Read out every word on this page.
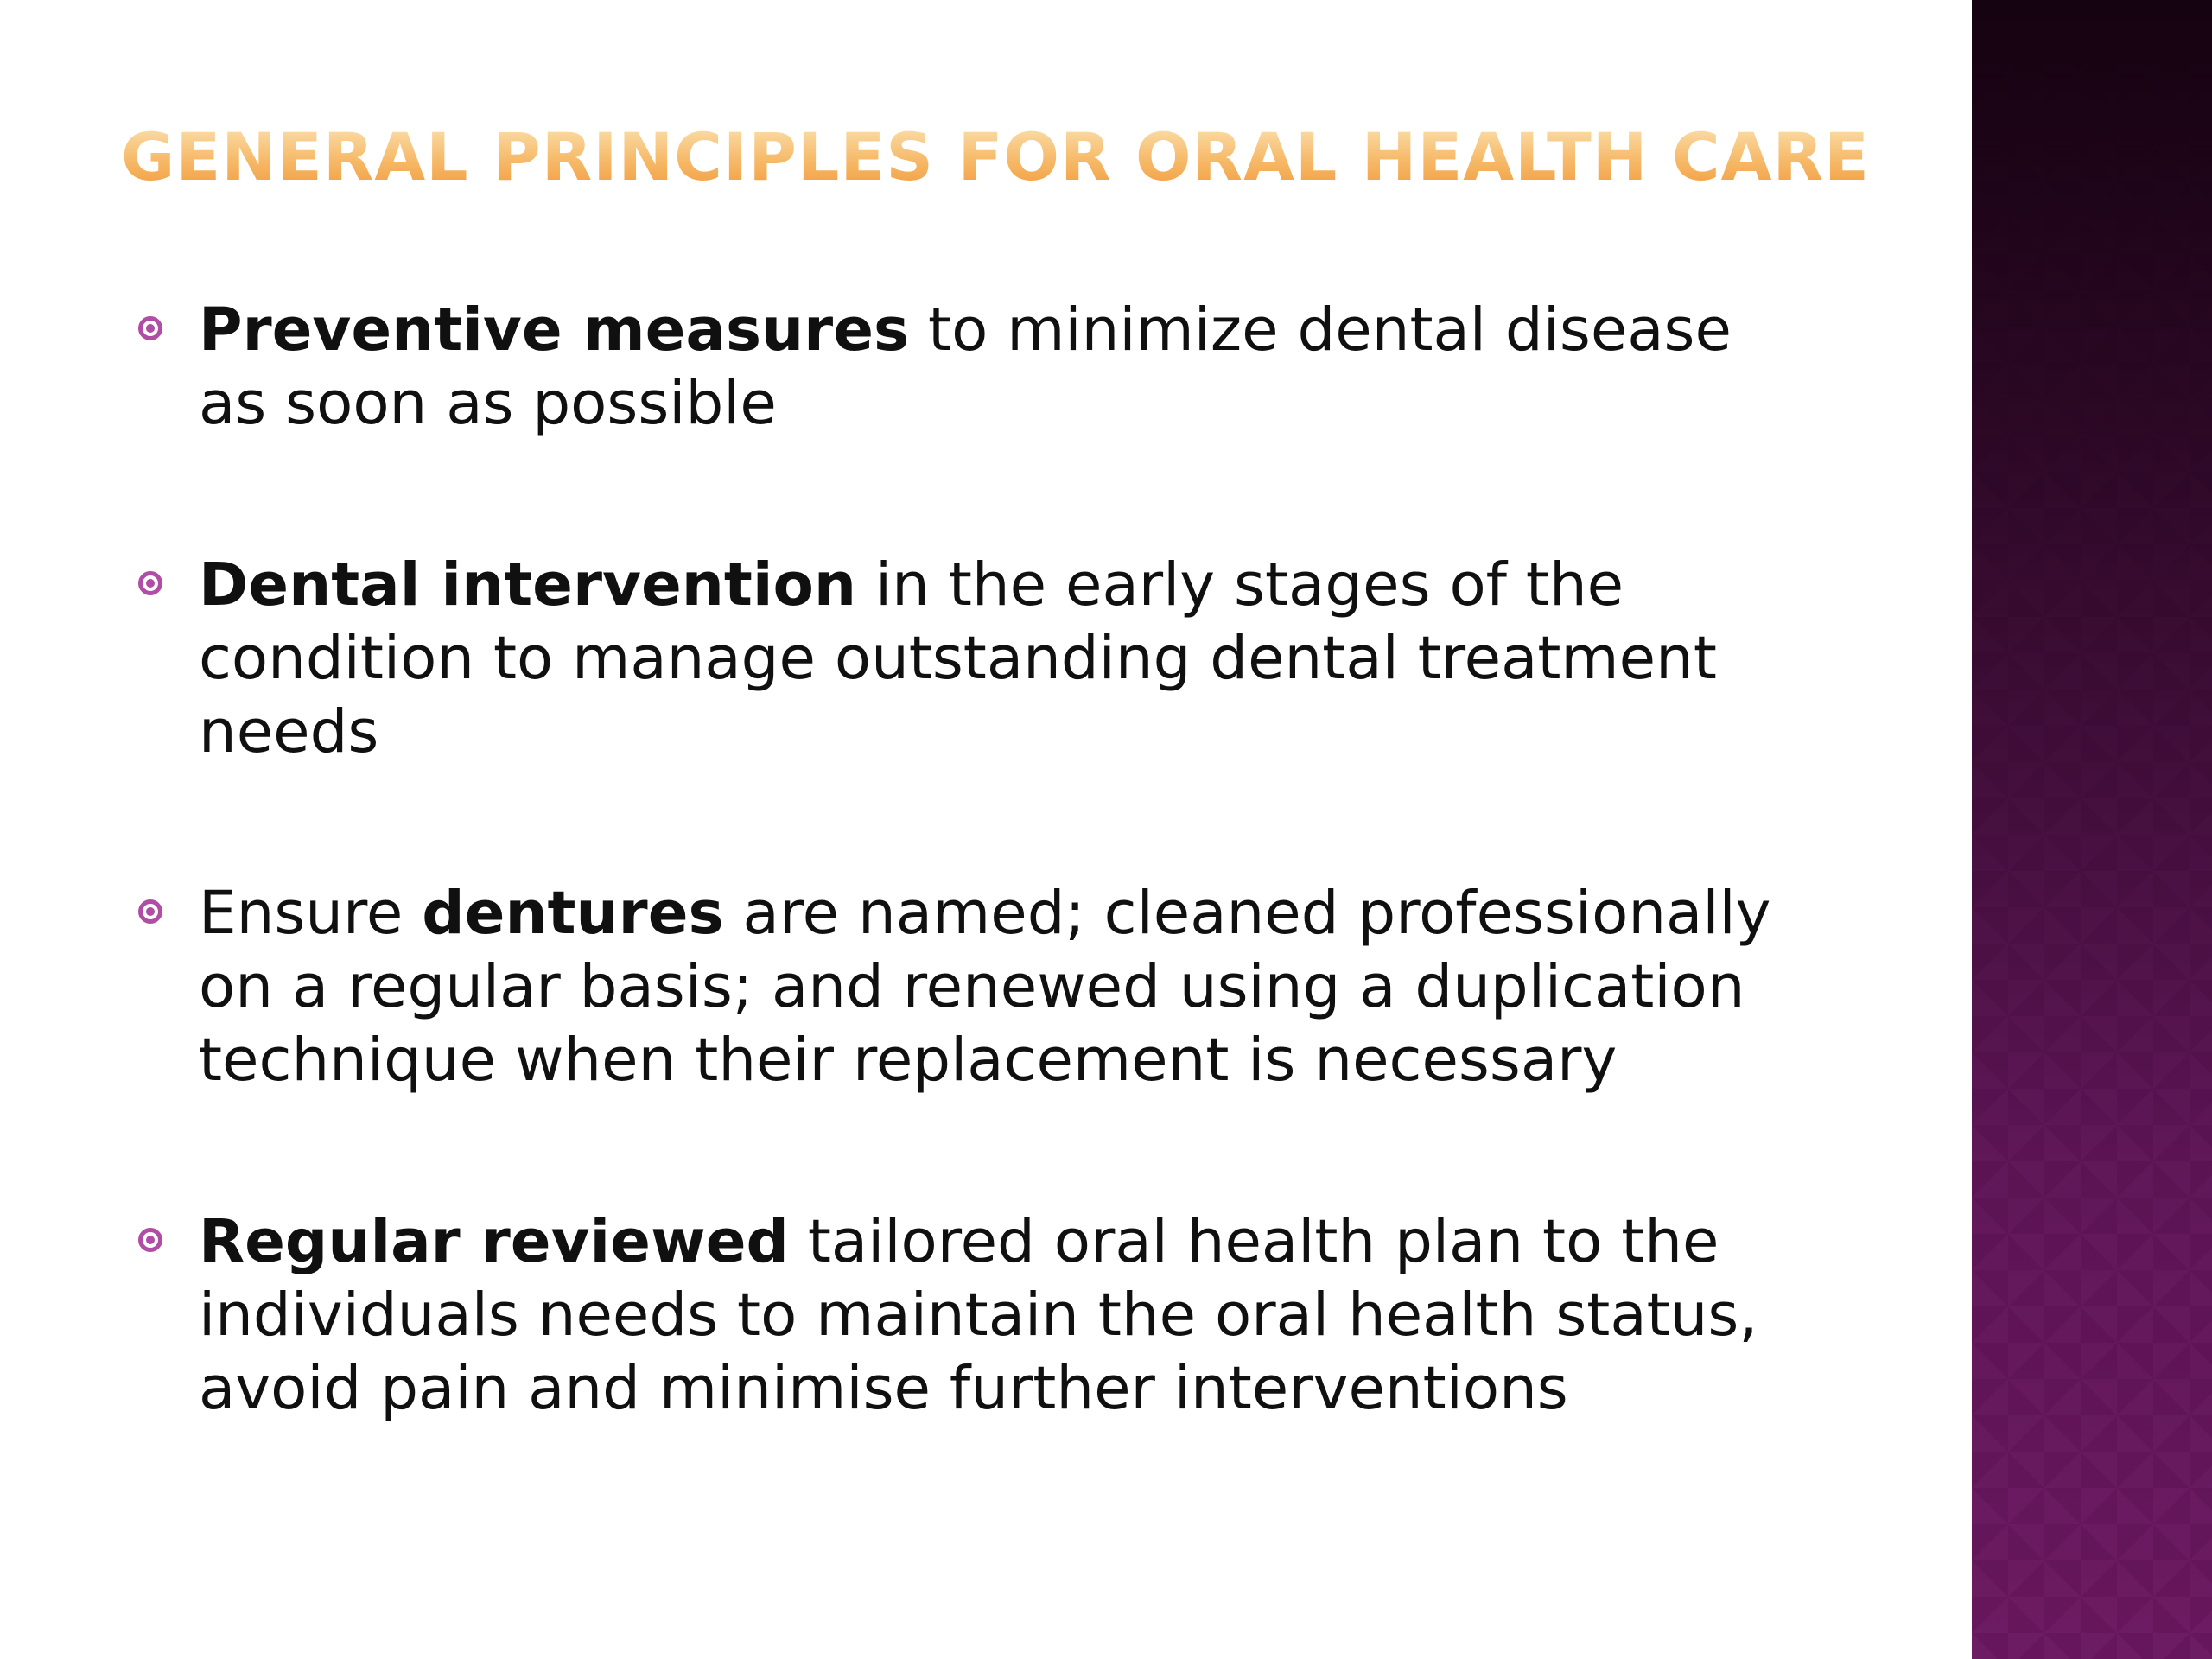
GENERAL PRINCIPLES FOR ORAL HEALTH CARE
Preventive measures to minimize dental disease as soon as possible
Dental intervention in the early stages of the condition to manage outstanding dental treatment needs
Ensure dentures are named; cleaned professionally on a regular basis; and renewed using a duplication technique when their replacement is necessary
Regular reviewed tailored oral health plan to the individuals needs to maintain the oral health status, avoid pain and minimise further interventions
